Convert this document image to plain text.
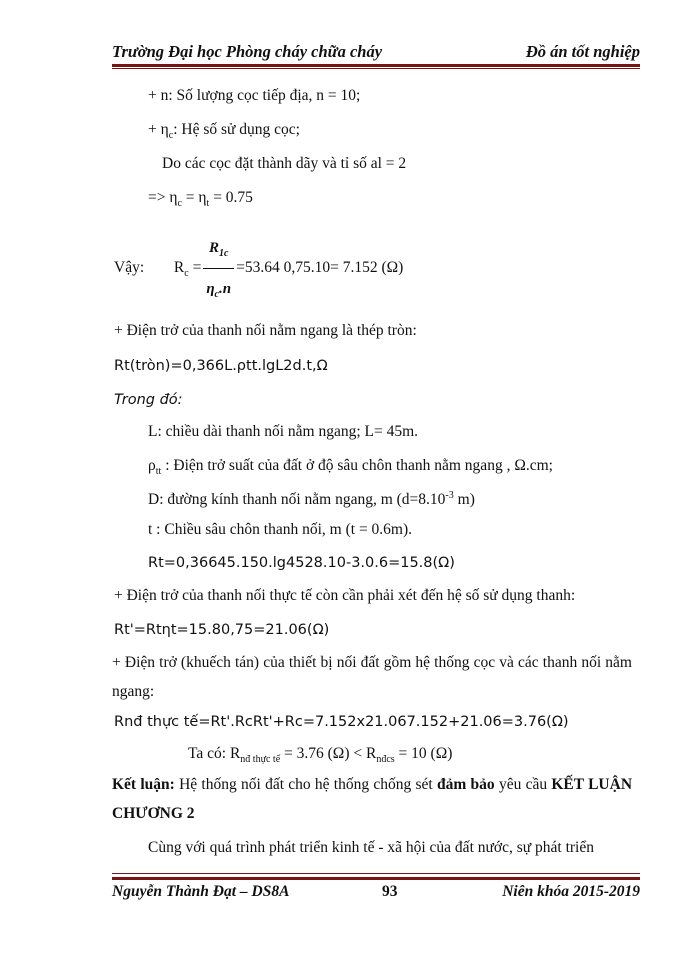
Trường Đại học Phòng cháy chữa cháy	Đồ án tốt nghiệp
+ n: Số lượng cọc tiếp địa, n = 10;
+ $\eta_c$: Hệ số sử dụng cọc;
Do các cọc đặt thành dãy và tỉ số al = 2
=> $\eta_c = \eta_t = 0.75$
Vậy: $R_c = \frac{R_{1c}}{\eta_c.n} =53.64$ 0,75.10= 7.152 (Ω)
+ Điện trở của thanh nối nằm ngang là thép tròn:
Rt(tròn)=0,366L.ρtt.lgL2d.t,Ω
Trong đó:
L: chiều dài thanh nối nằm ngang; L= 45m.
$\rho_{tt}$ : Điện trở suất của đất ở độ sâu chôn thanh nằm ngang , Ω.cm;
D: đường kính thanh nối nằm ngang, m ($d=8.10^{-3}$ m)
t : Chiều sâu chôn thanh nối, m (t = 0.6m).
Rt=0,36645.150.lg4528.10-3.0.6=15.8(Ω)
+ Điện trở của thanh nối thực tế còn cần phải xét đến hệ số sử dụng thanh:
Rt'=Rtηt=15.80,75=21.06(Ω)
+ Điện trở (khuếch tán) của thiết bị nối đất gồm hệ thống cọc và các thanh nối nằm ngang:
Rnđ thực tế=Rt'.RcRt'+Rc=7.152x21.067.152+21.06=3.76(Ω)
Ta có: $R_{nđ thực tế} = 3.76$ $(\Omega) < R_{nđcs} = 10$ (Ω)
Kết luận: Hệ thống nối đất cho hệ thống chống sét đảm bảo yêu cầu KẾT LUẬN CHƯƠNG 2
Cùng với quá trình phát triển kinh tế - xã hội của đất nước, sự phát triển
Nguyễn Thành Đạt – DS8A	93	Niên khóa 2015-2019
